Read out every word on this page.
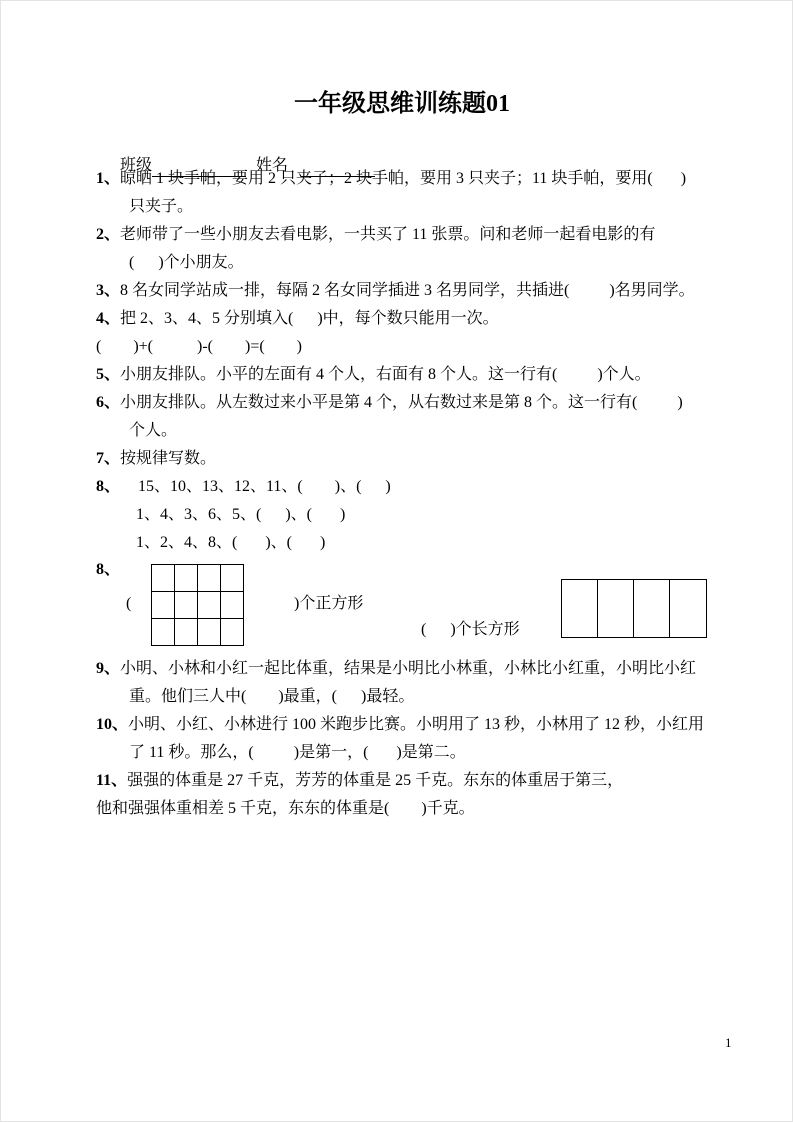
一年级思维训练题01

班级	姓名

1、晾晒 1 块手帕，要用 2 只夹子；2 块手帕，要用 3 只夹子；11 块手帕，要用(       )
只夹子。
2、老师带了一些小朋友去看电影，一共买了 11 张票。问和老师一起看电影的有
(      )个小朋友。
3、8 名女同学站成一排，每隔 2 名女同学插进 3 名男同学，共插进(          )名男同学。
4、把 2、3、4、5 分别填入(      )中，每个数只能用一次。
(        )+(           )-(        )=(        )
5、小朋友排队。小平的左面有 4 个人，右面有 8 个人。这一行有(          )个人。
6、小朋友排队。从左数过来小平是第 4 个，从右数过来是第 8 个。这一行有(          )
个人。
7、按规律写数。
8、 15、10、13、12、11、(        )、(      )
1、4、3、6、5、(      )、(       )
1、2、4、8、(       )、(       )
8、
(	)个正方形
(      )个长方形
9、小明、小林和小红一起比体重，结果是小明比小林重，小林比小红重，小明比小红
重。他们三人中(        )最重，(      )最轻。
10、小明、小红、小林进行 100 米跑步比赛。小明用了 13 秒，小林用了 12 秒，小红用
了 11 秒。那么，(          )是第一，(       )是第二。
11、强强的体重是 27 千克，芳芳的体重是 25 千克。东东的体重居于第三，
他和强强体重相差 5 千克，东东的体重是(        )千克。
1
